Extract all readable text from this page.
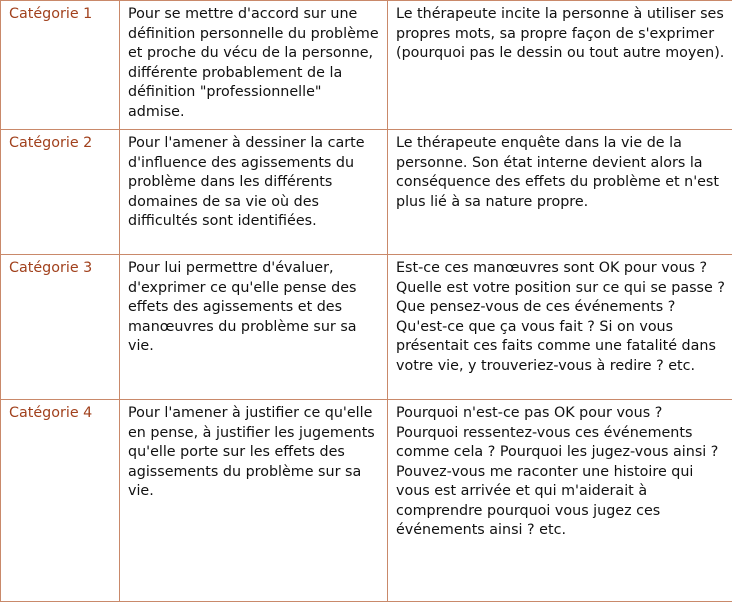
Catégorie 1	Pour se mettre d'accord sur une définition personnelle du problème et proche du vécu de la personne, différente probablement de la définition "professionnelle" admise.	Le thérapeute incite la personne à utiliser ses propres mots, sa propre façon de s'exprimer (pourquoi pas le dessin ou tout autre moyen).
Catégorie 2	Pour l'amener à dessiner la carte d'influence des agissements du problème dans les différents domaines de sa vie où des difficultés sont identifiées.	Le thérapeute enquête dans la vie de la personne. Son état interne devient alors la conséquence des effets du problème et n'est plus lié à sa nature propre.
Catégorie 3	Pour lui permettre d'évaluer, d'exprimer ce qu'elle pense des effets des agissements et des manœuvres du problème sur sa vie.	Est-ce ces manœuvres sont OK pour vous ? Quelle est votre position sur ce qui se passe ? Que pensez-vous de ces événements ? Qu'est-ce que ça vous fait ? Si on vous présentait ces faits comme une fatalité dans votre vie, y trouveriez-vous à redire ? etc.
Catégorie 4	Pour l'amener à justifier ce qu'elle en pense, à justifier les jugements qu'elle porte sur les effets des agissements du problème sur sa vie.	Pourquoi n'est-ce pas OK pour vous ? Pourquoi ressentez-vous ces événements comme cela ? Pourquoi les jugez-vous ainsi ? Pouvez-vous me raconter une histoire qui vous est arrivée et qui m'aiderait à comprendre pourquoi vous jugez ces événements ainsi ? etc.
